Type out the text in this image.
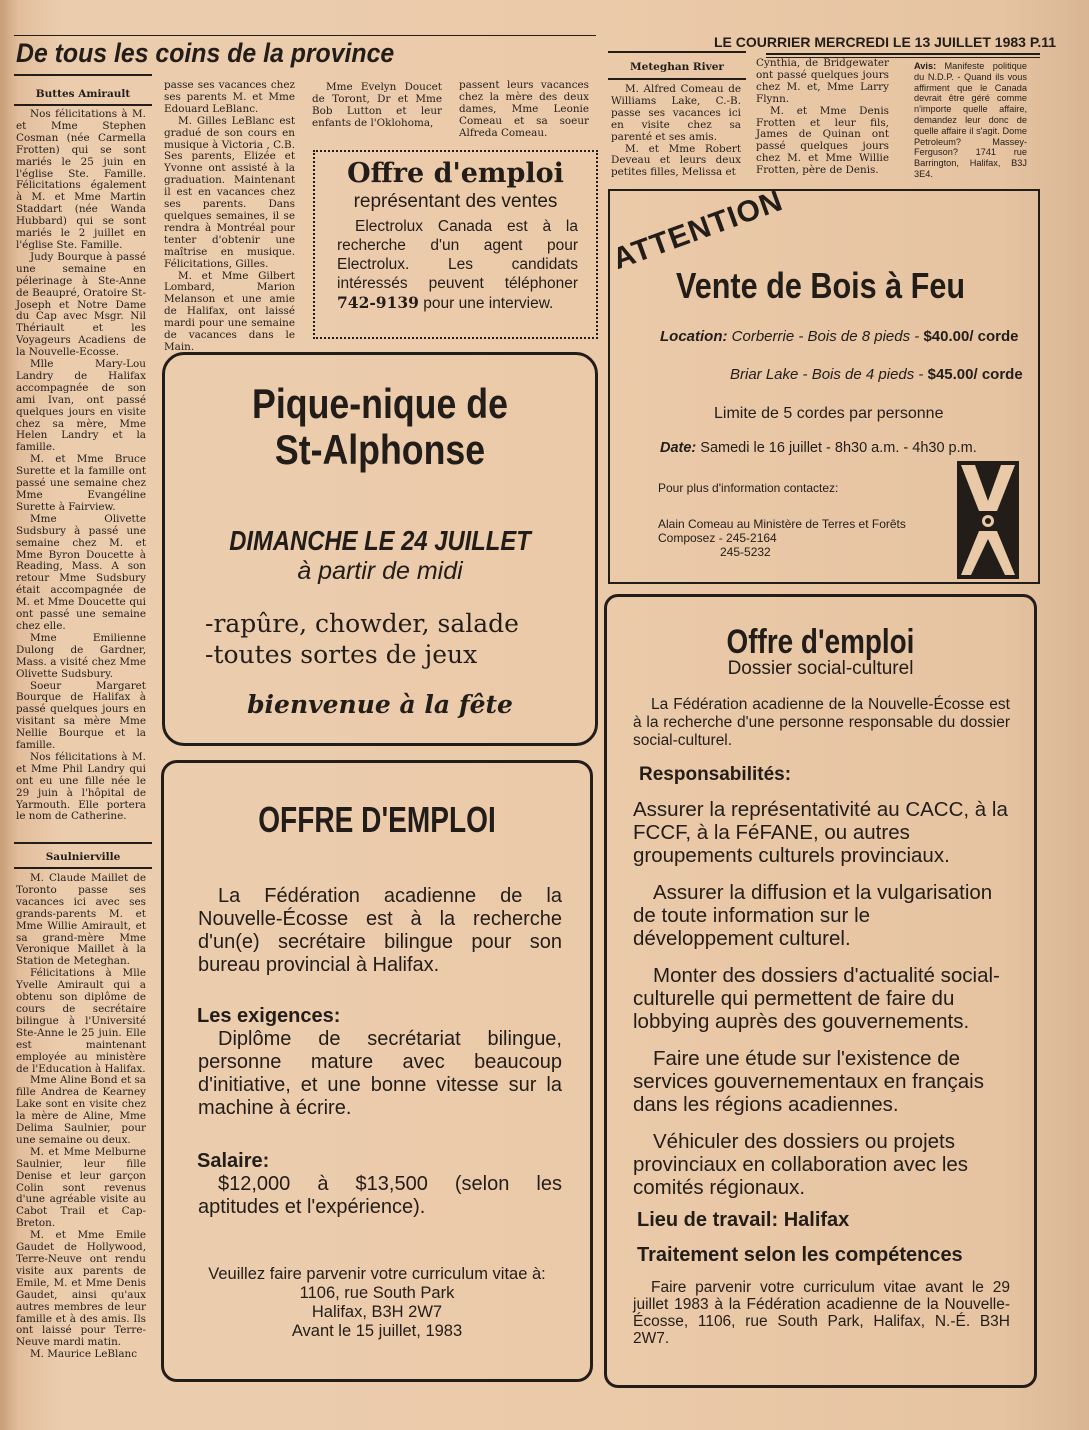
De tous les coins de la province	LE COURRIER MERCREDI LE 13 JUILLET 1983 P.11
Buttes Amirault

Nos félicitations à M. et Mme Stephen Cosman (née Carmella Frotten) qui se sont mariés le 25 juin en l'église Ste. Famille. Félicitations également à M. et Mme Martin Staddart (née Wanda Hubbard) qui se sont mariés le 2 juillet en l'église Ste. Famille.

Judy Bourque à passé une semaine en pélerinage à Ste-Anne de Beaupré, Oratoire St-Joseph et Notre Dame du Cap avec Msgr. Nil Thériault et les Voyageurs Acadiens de la Nouvelle-Ecosse.

Mlle Mary-Lou Landry de Halifax accompagnée de son ami Ivan, ont passé quelques jours en visite chez sa mère, Mme Helen Landry et la famille.

M. et Mme Bruce Surette et la famille ont passé une semaine chez Mme Evangéline Surette à Fairview.

Mme Olivette Sudsbury à passé une semaine chez M. et Mme Byron Doucette à Reading, Mass. A son retour Mme Sudsbury était accompagnée de M. et Mme Doucette qui ont passé une semaine chez elle.

Mme Emilienne Dulong de Gardner, Mass. a visité chez Mme Olivette Sudsbury.

Soeur Margaret Bourque de Halifax à passé quelques jours en visitant sa mère Mme Nellie Bourque et la famille.

Nos félicitations à M. et Mme Phil Landry qui ont eu une fille née le 29 juin à l'hôpital de Yarmouth. Elle portera le nom de Catherine.

Saulnierville

M. Claude Maillet de Toronto passe ses vacances ici avec ses grands-parents M. et Mme Willie Amirault, et sa grand-mère Mme Veronique Maillet à la Station de Meteghan.

Félicitations à Mlle Yvelle Amirault qui a obtenu son diplôme de cours de secrétaire bilingue à l'Université Ste-Anne le 25 juin. Elle est maintenant employée au ministère de l'Education à Halifax.

Mme Aline Bond et sa fille Andrea de Kearney Lake sont en visite chez la mère de Aline, Mme Delima Saulnier, pour une semaine ou deux.

M. et Mme Melburne Saulnier, leur fille Denise et leur garçon Colin sont revenus d'une agréable visite au Cabot Trail et Cap-Breton.

M. et Mme Emile Gaudet de Hollywood, Terre-Neuve ont rendu visite aux parents de Emile, M. et Mme Denis Gaudet, ainsi qu'aux autres membres de leur famille et à des amis. Ils ont laissé pour Terre-Neuve mardi matin.

M. Maurice LeBlanc

passe ses vacances chez ses parents M. et Mme Edouard LeBlanc.

M. Gilles LeBlanc est gradué de son cours en musique à Victoria , C.B. Ses parents, Elizée et Yvonne ont assisté à la graduation. Maintenant il est en vacances chez ses parents. Dans quelques semaines, il se rendra à Montréal pour tenter d'obtenir une maîtrise en musique. Félicitations, Gilles.

M. et Mme Gilbert Lombard, Marion Melanson et une amie de Halifax, ont laissé mardi pour une semaine de vacances dans le Main.

Mme Evelyn Doucet de Toront, Dr et Mme Bob Lutton et leur enfants de l'Oklohoma,

passent leurs vacances chez la mère des deux dames, Mme Leonie Comeau et sa soeur Alfreda Comeau.

Offre d'emploi
représentant des ventes
Electrolux Canada est à la recherche d'un agent pour Electrolux. Les candidats intéressés peuvent téléphoner 742-9139 pour une interview.
Pique-nique de
St-Alphonse
DIMANCHE LE 24 JUILLET
à partir de midi
-rapûre, chowder, salade
-toutes sortes de jeux
bienvenue à la fête
OFFRE D'EMPLOI
La Fédération acadienne de la Nouvelle-Écosse est à la recherche d'un(e) secrétaire bilingue pour son bureau provincial à Halifax.
Les exigences:
Diplôme de secrétariat bilingue, personne mature avec beaucoup d'initiative, et une bonne vitesse sur la machine à écrire.
Salaire:
$12,000 à $13,500 (selon les aptitudes et l'expérience).
Veuillez faire parvenir votre curriculum vitae à:
1106, rue South Park
Halifax, B3H 2W7
Avant le 15 juillet, 1983
Meteghan River

M. Alfred Comeau de Williams Lake, C.-B. passe ses vacances ici en visite chez sa parenté et ses amis.

M. et Mme Robert Deveau et leurs deux petites filles, Melissa et

Cynthia, de Bridgewater ont passé quelques jours chez M. et, Mme Larry Flynn.

M. et Mme Denis Frotten et leur fils, James de Quinan ont passé quelques jours chez M. et Mme Willie Frotten, père de Denis.

Avis: Manifeste politique du N.D.P. - Quand ils vous affirment que le Canada devrait être géré comme n'importe quelle affaire, demandez leur donc de quelle affaire il s'agit. Dome Petroleum? Massey-Ferguson? 1741 rue Barrington, Halifax, B3J 3E4.
ATTENTION
Vente de Bois à Feu
Location: Corberrie - Bois de 8 pieds - $40.00/ corde
Briar Lake - Bois de 4 pieds - $45.00/ corde
Limite de 5 cordes par personne
Date: Samedi le 16 juillet - 8h30 a.m. - 4h30 p.m.
Pour plus d'information contactez:
Alain Comeau au Ministère de Terres et Forêts
Composez - 245-2164
245-5232
Offre d'emploi
Dossier social-culturel
La Fédération acadienne de la Nouvelle-Écosse est à la recherche d'une personne responsable du dossier social-culturel.
Responsabilités:
Assurer la représentativité au CACC, à la FCCF, à la FéFANE, ou autres groupements culturels provinciaux.
Assurer la diffusion et la vulgarisation de toute information sur le développement culturel.
Monter des dossiers d'actualité social-culturelle qui permettent de faire du lobbying auprès des gouvernements.
Faire une étude sur l'existence de services gouvernementaux en français dans les régions acadiennes.
Véhiculer des dossiers ou projets provinciaux en collaboration avec les comités régionaux.
Lieu de travail: Halifax
Traitement selon les compétences
Faire parvenir votre curriculum vitae avant le 29 juillet 1983 à la Fédération acadienne de la Nouvelle-Écosse, 1106, rue South Park, Halifax, N.-É. B3H 2W7.
